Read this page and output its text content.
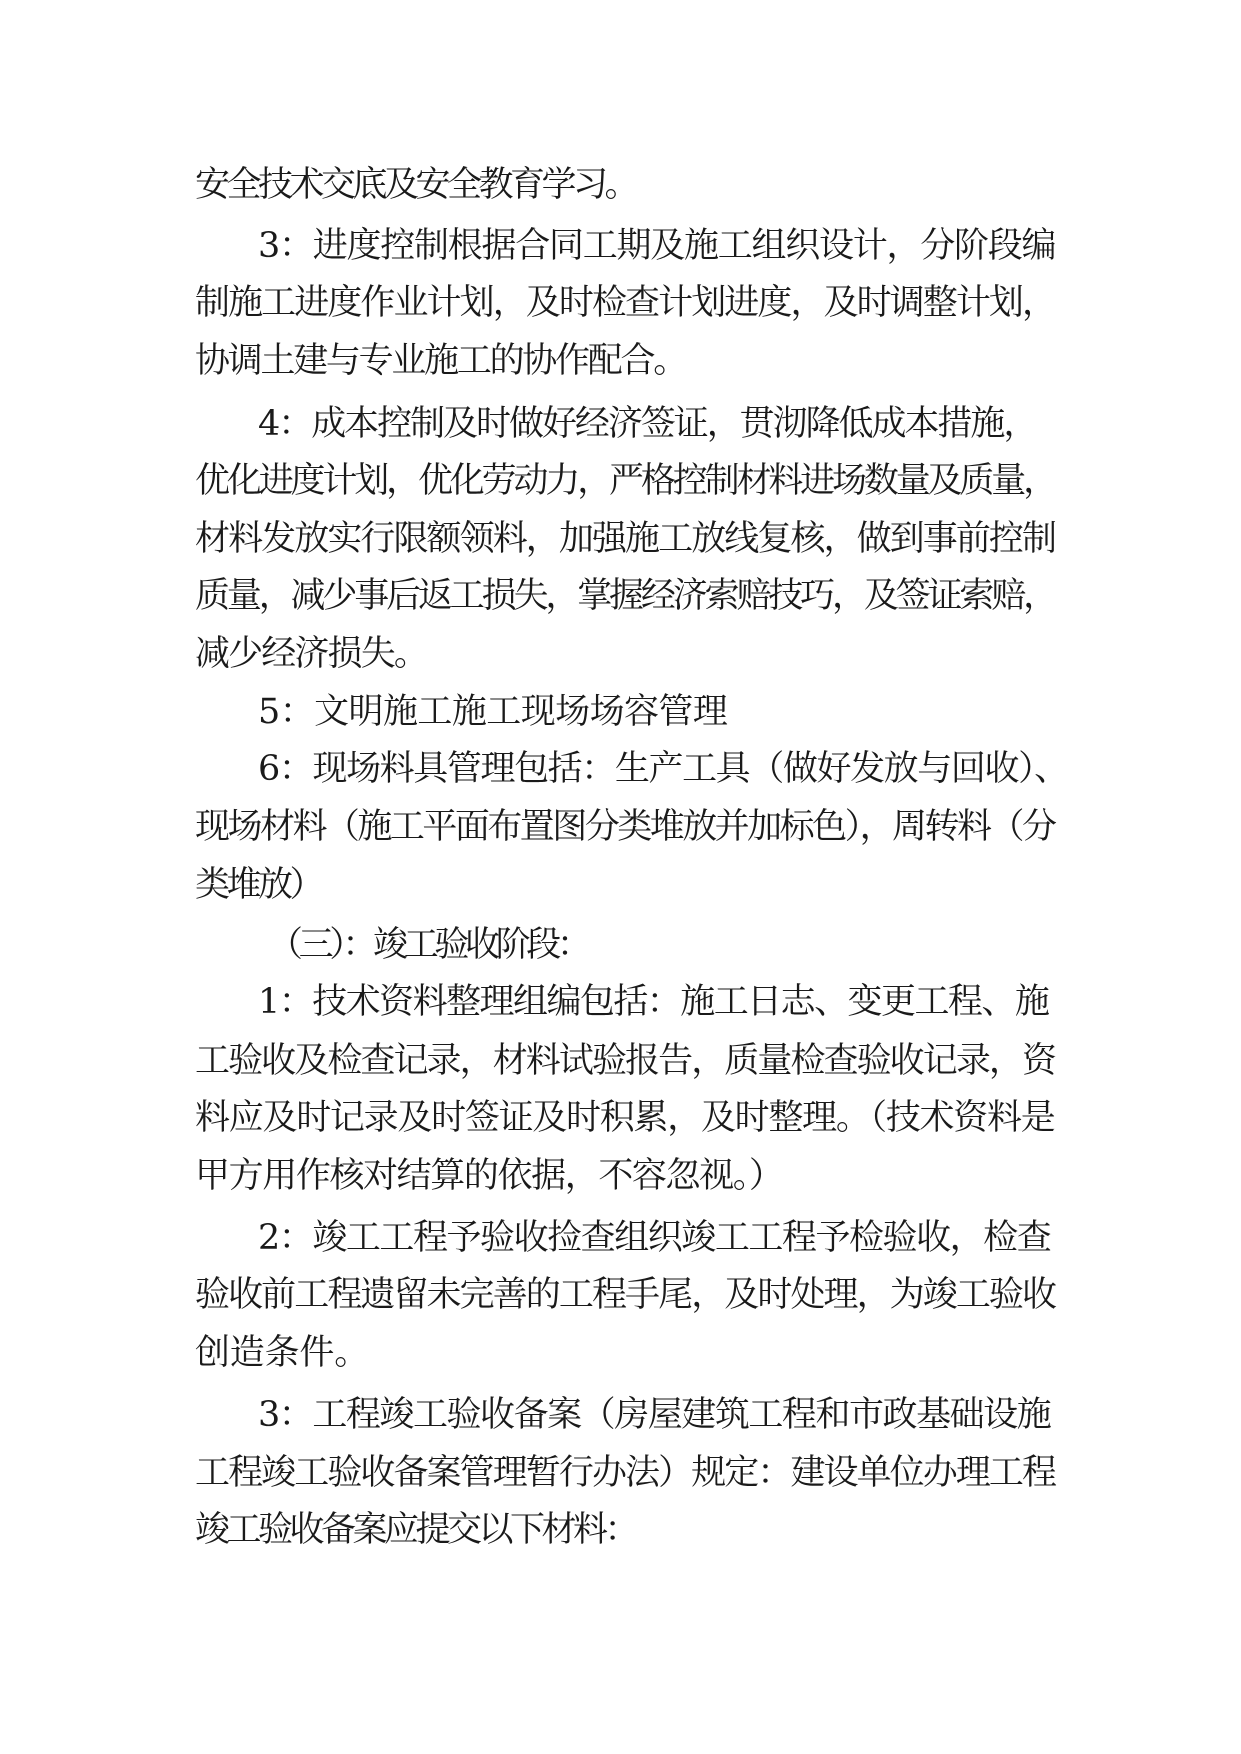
安全技术交底及安全教育学习。
3：进度控制根据合同工期及施工组织设计，分阶段编
制施工进度作业计划，及时检查计划进度，及时调整计划，
协调土建与专业施工的协作配合。
4：成本控制及时做好经济签证，贯沏降低成本措施，
优化进度计划，优化劳动力，严格控制材料进场数量及质量，
材料发放实行限额领料，加强施工放线复核，做到事前控制
质量，减少事后返工损失，掌握经济索赔技巧，及签证索赔，
减少经济损失。
5：文明施工施工现场场容管理
6：现场料具管理包括：生产工具（做好发放与回收）、
现场材料（施工平面布置图分类堆放并加标色），周转料（分
类堆放）
（三）：竣工验收阶段：
1：技术资料整理组编包括：施工日志、变更工程、施
工验收及检查记录，材料试验报告，质量检查验收记录，资
料应及时记录及时签证及时积累，及时整理。（技术资料是
甲方用作核对结算的依据，不容忽视。）
2：竣工工程予验收捡查组织竣工工程予检验收，检查
验收前工程遗留未完善的工程手尾，及时处理，为竣工验收
创造条件。
3：工程竣工验收备案（房屋建筑工程和市政基础设施
工程竣工验收备案管理暂行办法）规定：建设单位办理工程
竣工验收备案应提交以下材料：
